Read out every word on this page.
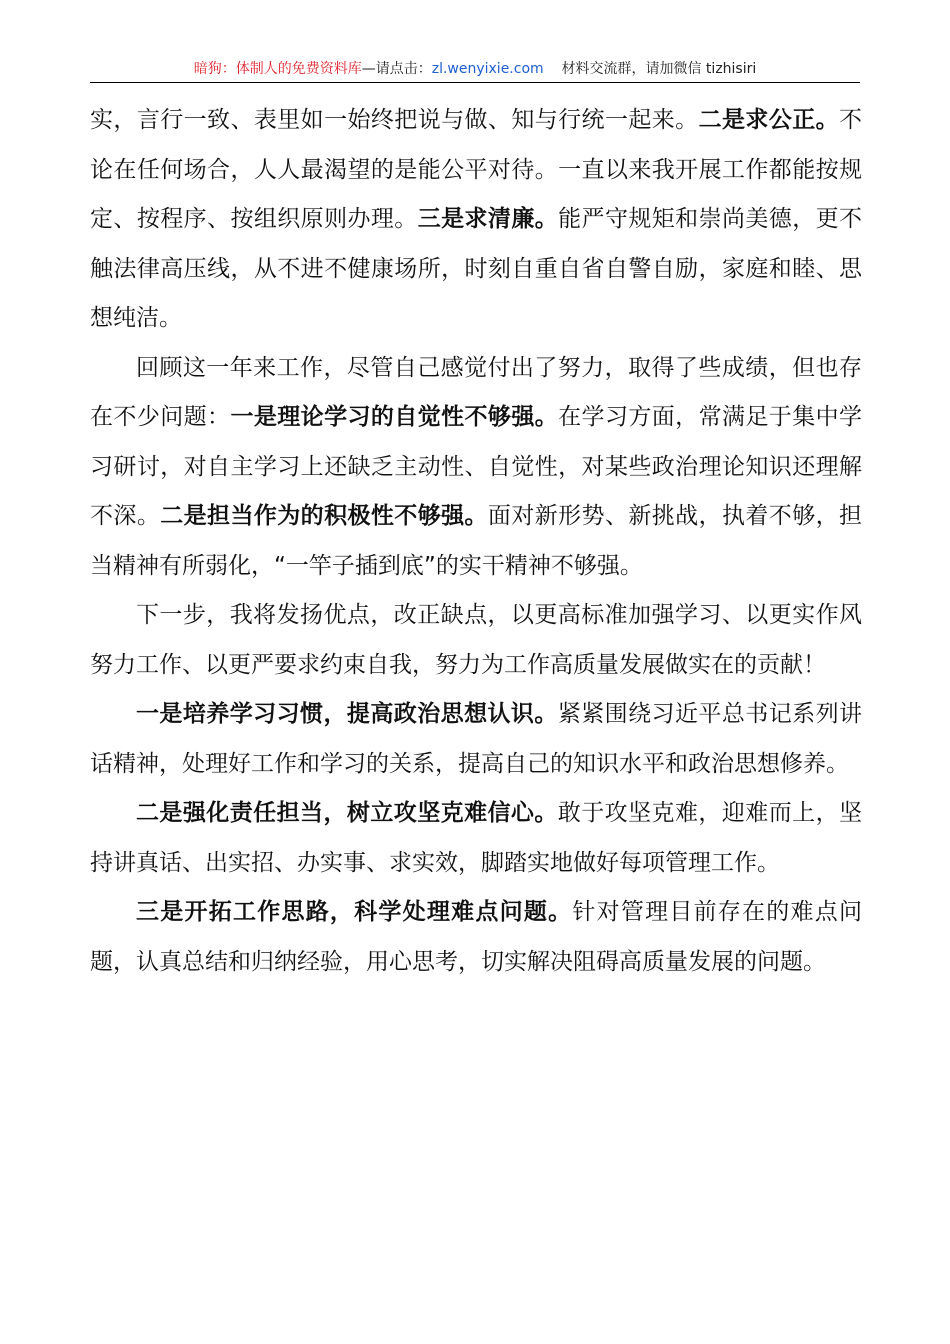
暗狗：体制人的免费资料库—请点击：zl.wenyixie.com 材料交流群，请加微信 tizhisiri

实，言行一致、表里如一始终把说与做、知与行统一起来。二是求公正。不论在任何场合，人人最渴望的是能公平对待。一直以来我开展工作都能按规定、按程序、按组织原则办理。三是求清廉。能严守规矩和崇尚美德，更不触法律高压线，从不进不健康场所，时刻自重自省自警自励，家庭和睦、思想纯洁。

回顾这一年来工作，尽管自己感觉付出了努力，取得了些成绩，但也存在不少问题：一是理论学习的自觉性不够强。在学习方面，常满足于集中学习研讨，对自主学习上还缺乏主动性、自觉性，对某些政治理论知识还理解不深。二是担当作为的积极性不够强。面对新形势、新挑战，执着不够，担当精神有所弱化，“一竿子插到底”的实干精神不够强。

下一步，我将发扬优点，改正缺点，以更高标准加强学习、以更实作风努力工作、以更严要求约束自我，努力为工作高质量发展做实在的贡献！

一是培养学习习惯，提高政治思想认识。紧紧围绕习近平总书记系列讲话精神，处理好工作和学习的关系，提高自己的知识水平和政治思想修养。

二是强化责任担当，树立攻坚克难信心。敢于攻坚克难，迎难而上，坚持讲真话、出实招、办实事、求实效，脚踏实地做好每项管理工作。

三是开拓工作思路，科学处理难点问题。针对管理目前存在的难点问题，认真总结和归纳经验，用心思考，切实解决阻碍高质量发展的问题。
